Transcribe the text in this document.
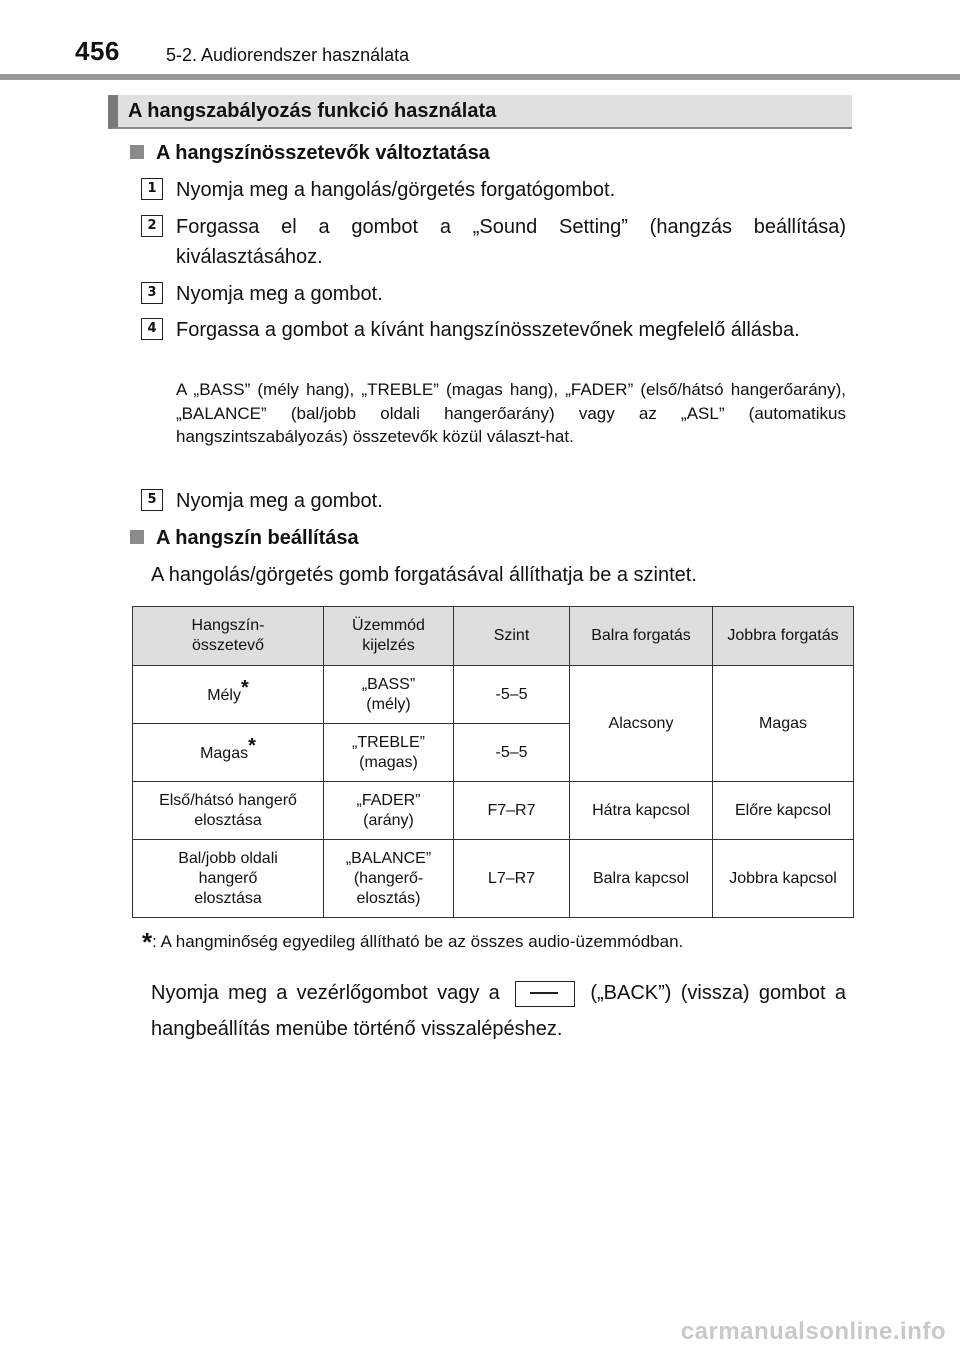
456	5-2. Audiorendszer használata
A hangszabályozás funkció használata
A hangszínösszetevők változtatása
1 Nyomja meg a hangolás/görgetés forgatógombot.
2 Forgassa el a gombot a „Sound Setting” (hangzás beállítása) kiválasztásához.
3 Nyomja meg a gombot.
4 Forgassa a gombot a kívánt hangszínösszetevőnek megfelelő állásba.
A „BASS” (mély hang), „TREBLE” (magas hang), „FADER” (első/hátsó hangerőarány), „BALANCE” (bal/jobb oldali hangerőarány) vagy az „ASL” (automatikus hangszintszabályozás) összetevők közül választ-hat.
5 Nyomja meg a gombot.
A hangszín beállítása
A hangolás/görgetés gomb forgatásával állíthatja be a szintet.
Hangszín-összetevő	Üzemmód kijelzés	Szint	Balra forgatás	Jobbra forgatás
Mély*	„BASS” (mély)	-5–5	Alacsony	Magas
Magas*	„TREBLE” (magas)	-5–5		
Első/hátsó hangerő elosztása	„FADER” (arány)	F7–R7	Hátra kapcsol	Előre kapcsol
Bal/jobb oldali hangerő elosztása	„BALANCE” (hangerő-elosztás)	L7–R7	Balra kapcsol	Jobbra kapcsol
*: A hangminőség egyedileg állítható be az összes audio-üzemmódban.
Nyomja meg a vezérlőgombot vagy a	(„BACK”) (vissza) gombot a hangbeállítás menübe történő visszalépéshez.
carmanualsonline.info
